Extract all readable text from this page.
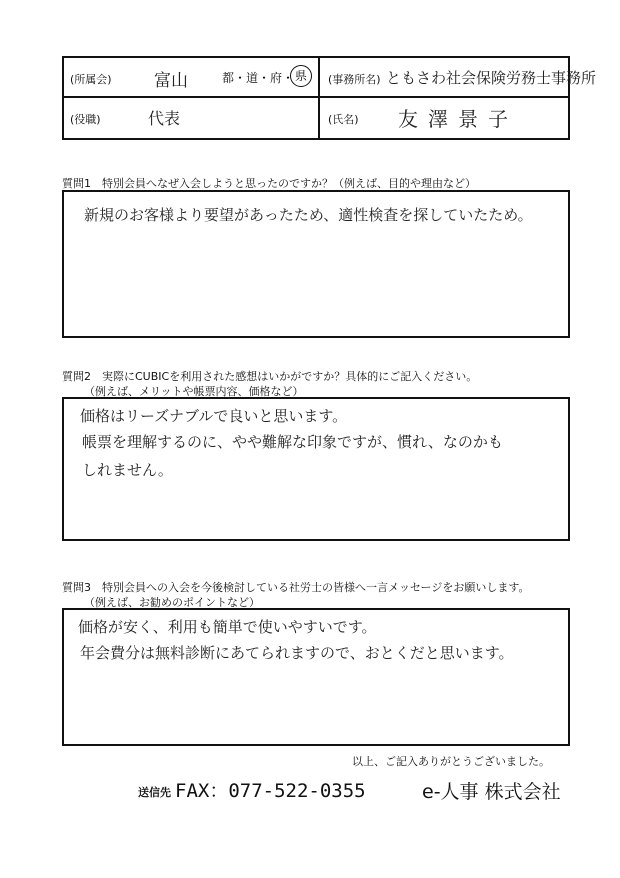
(所属会) 富山	都・道・府・ 県	(事務所名) ともさわ社会保険労務士事務所
(役職)	代表	(氏名) 友澤景子
質問1　特別会員へなぜ入会しようと思ったのですか？（例えば、目的や理由など）
新規のお客様より要望があったため、適性検査を探していたため。
質問2　実際にCUBICを利用された感想はいかがですか？具体的にご記入ください。
（例えば、メリットや帳票内容、価格など）
価格はリーズナブルで良いと思います。
帳票を理解するのに、やや難解な印象ですが、慣れ、なのかも
しれません。
質問3　特別会員への入会を今後検討している社労士の皆様へ一言メッセージをお願いします。
（例えば、お勧めのポイントなど）
価格が安く、利用も簡単で使いやすいです。
年会費分は無料診断にあてられますので、おとくだと思います。
以上、ご記入ありがとうございました。
送信先 FAX：077-522-0355	e-人事 株式会社
